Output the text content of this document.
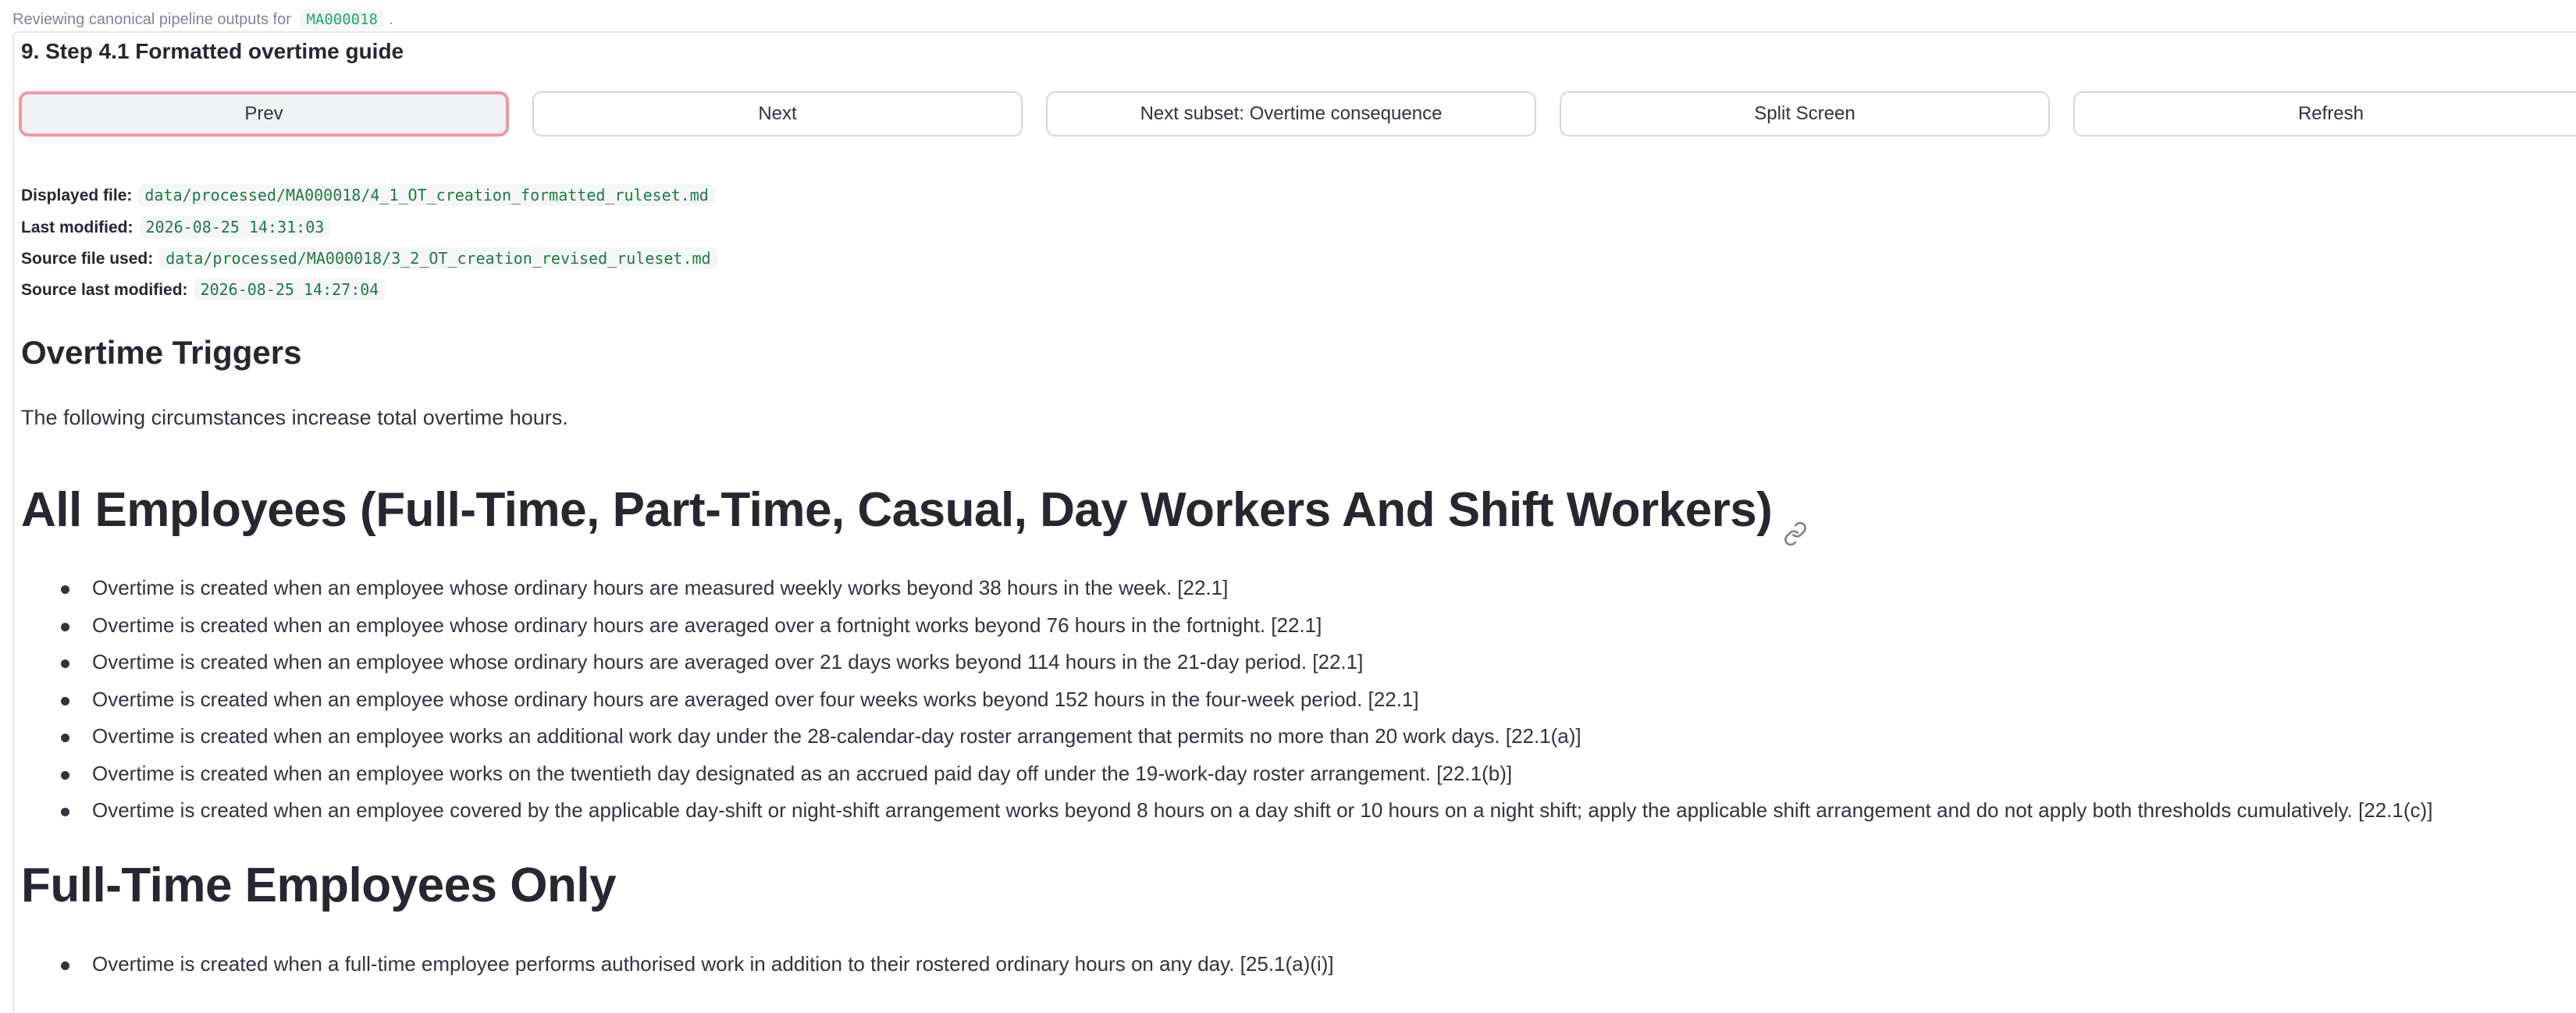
Reviewing canonical pipeline outputs for MA000018 .
9. Step 4.1 Formatted overtime guide
Prev	Next	Next subset: Overtime consequence	Split Screen	Refresh
Displayed file: data/processed/MA000018/4_1_OT_creation_formatted_ruleset.md
Last modified: 2026-08-25 14:31:03
Source file used: data/processed/MA000018/3_2_OT_creation_revised_ruleset.md
Source last modified: 2026-08-25 14:27:04
Overtime Triggers
The following circumstances increase total overtime hours.
All Employees (Full-Time, Part-Time, Casual, Day Workers And Shift Workers)
Overtime is created when an employee whose ordinary hours are measured weekly works beyond 38 hours in the week. [22.1]
Overtime is created when an employee whose ordinary hours are averaged over a fortnight works beyond 76 hours in the fortnight. [22.1]
Overtime is created when an employee whose ordinary hours are averaged over 21 days works beyond 114 hours in the 21-day period. [22.1]
Overtime is created when an employee whose ordinary hours are averaged over four weeks works beyond 152 hours in the four-week period. [22.1]
Overtime is created when an employee works an additional work day under the 28-calendar-day roster arrangement that permits no more than 20 work days. [22.1(a)]
Overtime is created when an employee works on the twentieth day designated as an accrued paid day off under the 19-work-day roster arrangement. [22.1(b)]
Overtime is created when an employee covered by the applicable day-shift or night-shift arrangement works beyond 8 hours on a day shift or 10 hours on a night shift; apply the applicable shift arrangement and do not apply both thresholds cumulatively. [22.1(c)]
Full-Time Employees Only
Overtime is created when a full-time employee performs authorised work in addition to their rostered ordinary hours on any day. [25.1(a)(i)]
